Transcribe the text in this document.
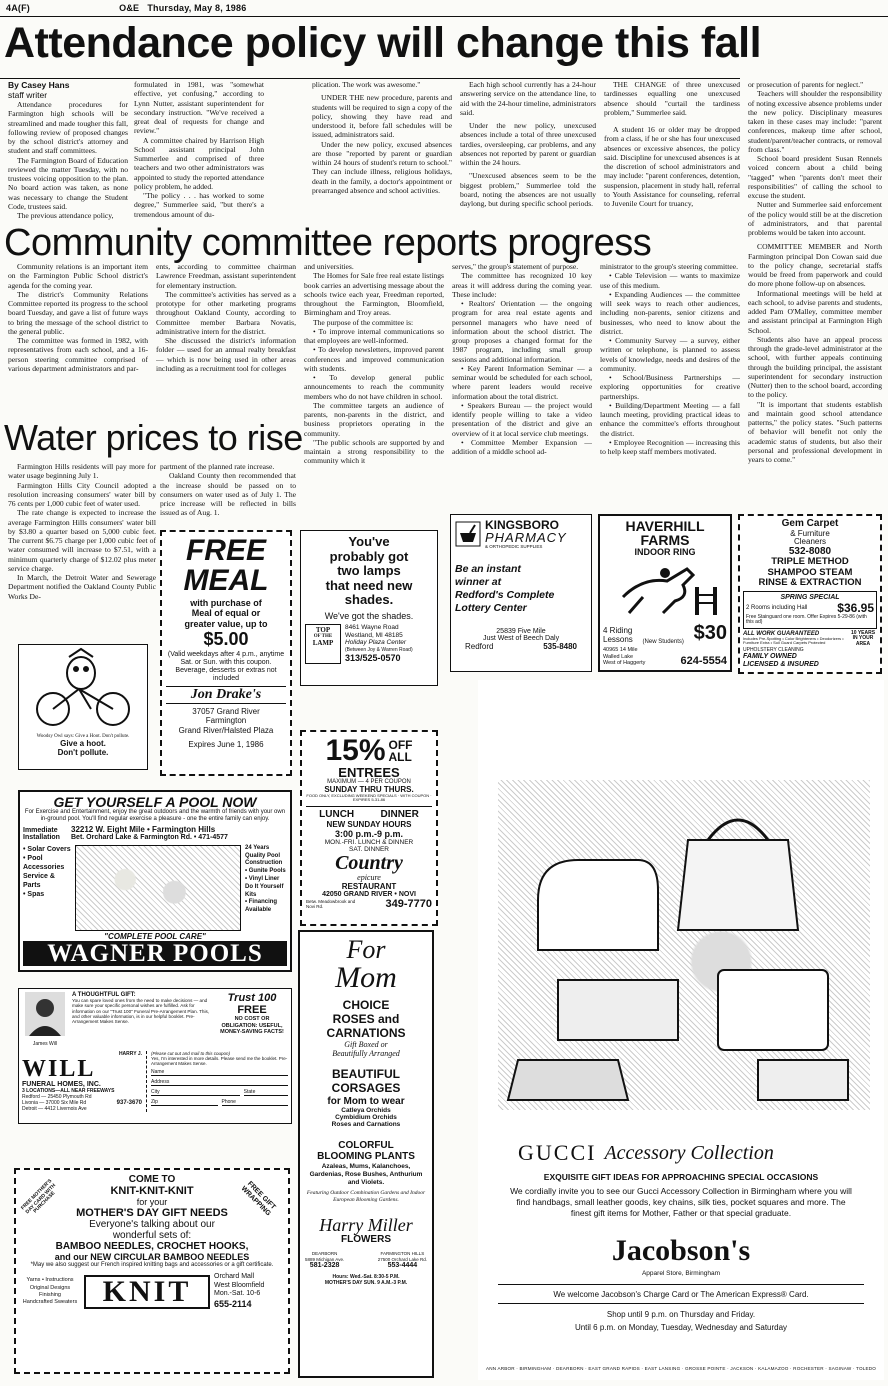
4A(F)	O&E Thursday, May 8, 1986
Attendance policy will change this fall
By Casey Hans
staff writer

Attendance procedures for Farmington high schools will be streamlined and made tougher this fall, following review of proposed changes by the school district's attorney and student and staff committees.

The Farmington Board of Education reviewed the matter Tuesday, with no trustees voicing opposition to the plan. No board action was taken, as none was necessary to change the Student Code, trustees said.

The previous attendance policy,

formulated in 1981, was "somewhat effective, yet confusing," according to Lynn Nutter, assistant superintendent for secondary instruction. "We've received a great deal of requests for change and review."

A committee chaired by Harrison High School assistant principal John Summerlee and comprised of three teachers and two other administrators was appointed to study the reported attendance policy problem, he added.

"The policy . . . has worked to some degree," Summerlee said, "but there's a tremendous amount of du-

plication. The work was awesome."

UNDER THE new procedure, parents and students will be required to sign a copy of the policy, showing they have read and understood it, before fall schedules will be issued, administrators said.

Under the new policy, excused absences are those "reported by parent or guardian within 24 hours of student's return to school." They can include illness, religious holidays, death in the family, a doctor's appointment or prearranged absence and school activities.

Each high school currently has a 24-hour answering service on the attendance line, to aid with the 24-hour timeline, administrators said.

Under the new policy, unexcused absences include a total of three unexcused tardies, oversleeping, car problems, and any absences not reported by parent or guardian within the 24 hours.

"Unexcused absences seem to be the biggest problem," Summerlee told the board, noting the absences are not usually daylong, but during specific school periods.

THE CHANGE of three unexcused tardinesses equalling one unexcused absence should "curtail the tardiness problem," Summerlee said.

A student 16 or older may be dropped from a class, if he or she has four unexcused absences or excessive absences, the policy said. Discipline for unexcused absences is at the discretion of school administrators and may include: "parent conferences, detention, suspension, placement in study hall, referral to Youth Assistance for counseling, referral to Juvenile Court for truancy,

or prosecution of parents for neglect."

Teachers will shoulder the responsibility of noting excessive absence problems under the new policy. Disciplinary measures taken in these cases may include: "parent conferences, makeup time after school, student/parent/teacher contracts, or removal from class."

School board president Susan Rennels voiced concern about a child being "tagged" when "parents don't meet their responsibilities" of calling the school to excuse the student.

Nutter and Summerlee said enforcement of the policy would still be at the discretion of administrators, and that parental problems would be taken into account.

COMMITTEE MEMBER and North Farmington principal Don Cowan said due to the policy change, secretarial staffs would be freed from paperwork and could do more phone follow-up on absences.

Informational meetings will be held at each school, to advise parents and students, added Pam O'Malley, committee member and assistant principal at Farmington High School.

Students also have an appeal process through the grade-level administrator at the school, with further appeals continuing through the building principal, the assistant superintendent for secondary instruction (Nutter) then to the school board, according to the policy.

"It is important that students establish and maintain good school attendance patterns," the policy states. "Such patterns of behavior will benefit not only the academic status of students, but also their personal and professional development in years to come."

Community committee reports progress

Community relations is an important item on the Farmington Public School district's agenda for the coming year.

The district's Community Relations Committee reported its progress to the school board Tuesday, and gave a list of future ways to bring the message of the school district to the general public.

The committee was formed in 1982, with representatives from each school, and a 16-person steering committee comprised of various department administrators and par-

ents, according to committee chairman Lawrence Freedman, assistant superintendent for elementary instruction.

The committee's activities has served as a prototype for other marketing programs throughout Oakland County, according to Committee member Barbara Novatis, administrative intern for the district.

She discussed the district's information folder — used for an annual realty breakfast — which is now being used in other areas including as a recruitment tool for colleges

and universities.

The Homes for Sale free real estate listings book carries an advertising message about the schools twice each year, Freedman reported, throughout the Farmington, Bloomfield, Birmingham and Troy areas.

The purpose of the committee is:

• To improve internal communications so that employees are well-informed.

• To develop newsletters, improved parent conferences and improved communication with students.

• To develop general public announcements to reach the community members who do not have children in school.

The committee targets an audience of parents, non-parents in the district, and business proprietors operating in the community.

"The public schools are supported by and maintain a strong responsibility to the community which it

serves," the group's statement of purpose.

The committee has recognized 10 key areas it will address during the coming year. These include:

• Realtors' Orientation — the ongoing program for area real estate agents and personnel managers who have need of information about the school district. The group proposes a changed format for the 1987 program, including small group sessions and additional information.

• Key Parent Information Seminar — a seminar would be scheduled for each school, where parent leaders would receive information about the total district.

• Speakers Bureau — the project would identify people willing to take a video presentation of the district and give an overview of it at local service club meetings.

• Committee Member Expansion — addition of a middle school ad-

ministrator to the group's steering committee.

• Cable Television — wants to maximize use of this medium.

• Expanding Audiences — the committee will seek ways to reach other audiences, including non-parents, senior citizens and businesses, who need to know about the district.

• Community Survey — a survey, either written or telephone, is planned to assess levels of knowledge, needs and desires of the community.

• School/Business Partnerships — exploring opportunities for creative partnerships.

• Building/Department Meeting — a fall launch meeting, providing practical ideas to enhance the committee's efforts throughout the district.

• Employee Recognition — increasing this to help keep staff members motivated.

Water prices to rise

Farmington Hills residents will pay more for water usage beginning July 1.

Farmington Hills City Council adopted a resolution increasing consumers' water bill by 76 cents per 1,000 cubic feet of water used.

The rate change is expected to increase the average Farmington Hills consumers' water bill by $3.80 a quarter based on 5,000 cubic feet. The current $6.75 charge per 1,000 cubic feet of water consumed will increase to $7.51, with a minimum quarterly charge of $12.02 plus meter service charge.

In March, the Detroit Water and Sewerage Department notified the Oakland County Public Works De-

partment of the planned rate increase.

Oakland County then recommended that the increase should be passed on to consumers on water used as of July 1. The price increase will be reflected in bills issued as of Aug. 1.

Woodsy Owl says: Give a Hoot. Don't pollute.
Give a hoot.
Don't pollute.
FREE
MEAL
with purchase of
Meal of equal or
greater value, up to
$5.00
(Valid weekdays after 4 p.m., anytime Sat. or Sun. with this coupon. Beverage, desserts or extras not included
Jon Drake's
37057 Grand River
Farmington
Grand River/Halsted Plaza
Expires June 1, 1986
You've
probably got
two lamps
that need new
shades.
We've got the shades.
TOP
OF THE
LAMP
8461 Wayne Road
Westland, MI 48185
Holiday Plaza Center
(Between Joy & Warren Road)
313/525-0570
KINGSBORO
PHARMACY
& ORTHOPEDIC SUPPLIES
Be an instant
winner at
Redford's Complete
Lottery Center
25839 Five Mile
Just West of Beech Daly
Redford	535-8480
HAVERHILL
FARMS
INDOOR RING
4 Riding
Lessons (New Students) $30
40965 14 Mile
Walled Lake
West of Haggerty	624-5554
Gem Carpet
& Furniture
Cleaners
532-8080
TRIPLE METHOD
SHAMPOO STEAM
RINSE & EXTRACTION
SPRING SPECIAL
2 Rooms including Hall $36.95
Free Stainguard one room. Offer Expires 5-29-86 (with this ad)
ALL WORK GUARANTEED
Includes Pre-Spotting • Color Brighteners • Deodorizers • Furniture Extra • Soil Guard Carpets Protected
10 YEARS IN YOUR AREA
UPHOLSTERY CLEANING
FAMILY OWNED
LICENSED & INSURED
15% OFF
ALL
ENTREES
MAXIMUM — 4 PER COUPON
SUNDAY THRU THURS.
FOOD ONLY, EXCLUDING WEEKEND SPECIALS · WITH COUPON · EXPIRES 5-31-86
LUNCH	DINNER
NEW SUNDAY HOURS
3:00 p.m.-9 p.m.
MON.-FRI. LUNCH & DINNER
SAT. DINNER
Country
epicure
RESTAURANT
42050 GRAND RIVER • NOVI
Betw. Meadowbrook and Novi Rd.	349-7770
GET YOURSELF A POOL NOW
For Exercise and Entertainment, enjoy the great outdoors and the warmth of friends with your own in-ground pool. You'll find regular exercise a pleasure - one the entire family can enjoy.
Immediate Installation
32212 W. Eight Mile • Farmington Hills
Bet. Orchard Lake & Farmington Rd. • 471-4577
• Solar Covers
• Pool Accessories Service & Parts
• Spas
24 Years Quality Pool Construction
• Gunite Pools
• Vinyl Liner Do It Yourself Kits
• Financing Available
"COMPLETE POOL CARE"
WAGNER POOLS
James Will
A THOUGHTFUL GIFT:
You can spare loved ones from the need to make decisions — and make sure your specific personal wishes are fulfilled. Ask for information on our "Trust 100" Funeral Pre-Arrangement Plan. This, and other valuable information, is in our helpful booklet. Pre-Arrangement Makes Sense.
Trust 100
FREE
NO COST OR OBLIGATION: USEFUL, MONEY-SAVING FACTS!
HARRY J.
WILL
FUNERAL HOMES, INC.
3 LOCATIONS—ALL NEAR FREEWAYS
Redford — 25450 Plymouth Rd
Livonia — 37000 Six Mile Rd
Detroit — 4412 Livernois Ave
937-3670
(Please cut out and mail to this coupon)
Yes, I'm interested in more details. Please send me the booklet. Pre-Arrangement Makes Sense.
Name
Address
City	State
Zip	Phone
FREE MOTHER'S DAY CARD WITH PURCHASE	FREE GIFT WRAPPING
COME TO
KNIT-KNIT-KNIT
for your
MOTHER'S DAY GIFT NEEDS
Everyone's talking about our
wonderful sets of:
BAMBOO NEEDLES, CROCHET HOOKS,
and our NEW CIRCULAR BAMBOO NEEDLES
*May we also suggest our French inspired knitting bags and accessories or a gift certificate.
Yarns • Instructions
Original Designs
Finishing
Handcrafted Sweaters KNIT	Orchard Mall
West Bloomfield
Mon.-Sat. 10-6
655-2114
For
Mom
CHOICE
ROSES and
CARNATIONS
Gift Boxed or
Beautifully Arranged
BEAUTIFUL
CORSAGES
for Mom to wear
Catleya Orchids
Cymbidium Orchids
Roses and Carnations
COLORFUL
BLOOMING PLANTS
Azaleas, Mums, Kalanchoes, Gardenias, Rose Bushes, Anthurium and Violets.
Featuring Outdoor Combination Gardens and Indoor European Blooming Gardens.
Harry Miller
FLOWERS
DEARBORN
5889 Michigan Ave.
581-2328
FARMINGTON HILLS
27500 Orchard Lake Rd.
553-4444
Hours: Wed.-Sat. 8:30-5 P.M.
MOTHER'S DAY SUN. 9 A.M.-3 P.M.
GUCCI Accessory Collection
EXQUISITE GIFT IDEAS FOR APPROACHING SPECIAL OCCASIONS
We cordially invite you to see our Gucci Accessory Collection in Birmingham where you will find handbags, small leather goods, key chains, silk ties, pocket squares and more. The finest gift items for Mother, Father or that special graduate.
Jacobson's
Apparel Store, Birmingham
We welcome Jacobson's Charge Card or The American Express® Card.
Shop until 9 p.m. on Thursday and Friday.
Until 6 p.m. on Monday, Tuesday, Wednesday and Saturday
ANN ARBOR · BIRMINGHAM · DEARBORN · EAST GRAND RAPIDS · EAST LANSING · GROSSE POINTE · JACKSON · KALAMAZOO · ROCHESTER · SAGINAW · TOLEDO
